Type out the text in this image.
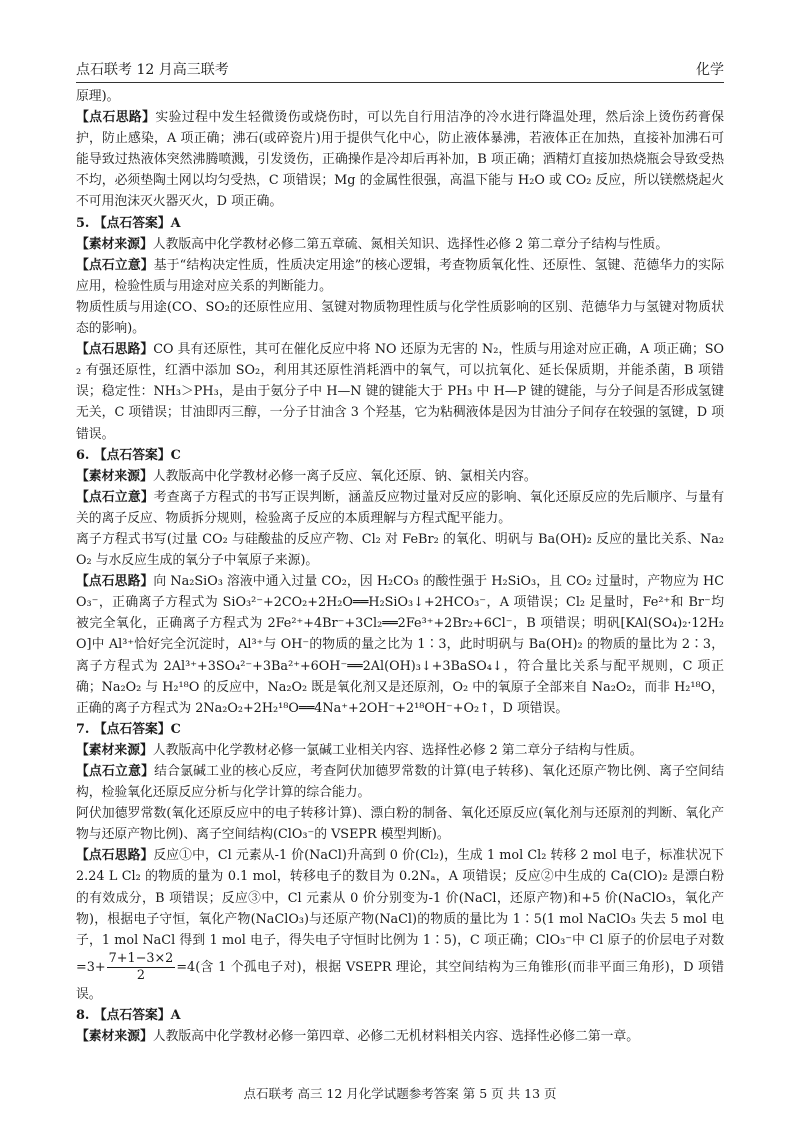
点石联考 12 月高三联考	化学

原理)。

【点石思路】实验过程中发生轻微烫伤或烧伤时，可以先自行用洁净的冷水进行降温处理，然后涂上烫伤药膏保护，防止感染，A 项正确；沸石(或碎瓷片)用于提供气化中心，防止液体暴沸，若液体正在加热，直接补加沸石可能导致过热液体突然沸腾喷溅，引发烫伤，正确操作是冷却后再补加，B 项正确；酒精灯直接加热烧瓶会导致受热不均，必须垫陶土网以均匀受热，C 项错误；Mg 的金属性很强，高温下能与 H₂O 或 CO₂ 反应，所以镁燃烧起火不可用泡沫灭火器灭火，D 项正确。

5. 【点石答案】A

【素材来源】人教版高中化学教材必修二第五章硫、氮相关知识、选择性必修 2 第二章分子结构与性质。

【点石立意】基于“结构决定性质，性质决定用途”的核心逻辑，考查物质氧化性、还原性、氢键、范德华力的实际应用，检验性质与用途对应关系的判断能力。

物质性质与用途(CO、SO₂的还原性应用、氢键对物质物理性质与化学性质影响的区别、范德华力与氢键对物质状态的影响)。

【点石思路】CO 具有还原性，其可在催化反应中将 NO 还原为无害的 N₂，性质与用途对应正确，A 项正确；SO₂ 有强还原性，红酒中添加 SO₂，利用其还原性消耗酒中的氧气，可以抗氧化、延长保质期，并能杀菌，B 项错误；稳定性：NH₃＞PH₃，是由于氨分子中 H—N 键的键能大于 PH₃ 中 H—P 键的键能，与分子间是否形成氢键无关，C 项错误；甘油即丙三醇，一分子甘油含 3 个羟基，它为粘稠液体是因为甘油分子间存在较强的氢键，D 项错误。

6. 【点石答案】C

【素材来源】人教版高中化学教材必修一离子反应、氧化还原、钠、氯相关内容。

【点石立意】考查离子方程式的书写正误判断，涵盖反应物过量对反应的影响、氧化还原反应的先后顺序、与量有关的离子反应、物质拆分规则，检验离子反应的本质理解与方程式配平能力。

离子方程式书写(过量 CO₂ 与硅酸盐的反应产物、Cl₂ 对 FeBr₂ 的氧化、明矾与 Ba(OH)₂ 反应的量比关系、Na₂O₂ 与水反应生成的氧分子中氧原子来源)。

【点石思路】向 Na₂SiO₃ 溶液中通入过量 CO₂，因 H₂CO₃ 的酸性强于 H₂SiO₃，且 CO₂ 过量时，产物应为 HCO₃⁻，正确离子方程式为 SiO₃²⁻+2CO₂+2H₂O══H₂SiO₃↓+2HCO₃⁻，A 项错误；Cl₂ 足量时，Fe²⁺和 Br⁻均被完全氧化，正确离子方程式为 2Fe²⁺+4Br⁻+3Cl₂══2Fe³⁺+2Br₂+6Cl⁻，B 项错误；明矾[KAl(SO₄)₂·12H₂O]中 Al³⁺恰好完全沉淀时，Al³⁺与 OH⁻的物质的量之比为 1∶3，此时明矾与 Ba(OH)₂ 的物质的量比为 2∶3，离子方程式为 2Al³⁺+3SO₄²⁻+3Ba²⁺+6OH⁻══2Al(OH)₃↓+3BaSO₄↓，符合量比关系与配平规则，C 项正确；Na₂O₂ 与 H₂¹⁸O 的反应中，Na₂O₂ 既是氧化剂又是还原剂，O₂ 中的氧原子全部来自 Na₂O₂，而非 H₂¹⁸O，正确的离子方程式为 2Na₂O₂+2H₂¹⁸O══4Na⁺+2OH⁻+2¹⁸OH⁻+O₂↑，D 项错误。

7. 【点石答案】C

【素材来源】人教版高中化学教材必修一氯碱工业相关内容、选择性必修 2 第二章分子结构与性质。

【点石立意】结合氯碱工业的核心反应，考查阿伏加德罗常数的计算(电子转移)、氧化还原产物比例、离子空间结构，检验氧化还原反应分析与化学计算的综合能力。

阿伏加德罗常数(氧化还原反应中的电子转移计算)、漂白粉的制备、氧化还原反应(氧化剂与还原剂的判断、氧化产物与还原产物比例)、离子空间结构(ClO₃⁻的 VSEPR 模型判断)。

【点石思路】反应①中，Cl 元素从-1 价(NaCl)升高到 0 价(Cl₂)，生成 1 mol Cl₂ 转移 2 mol 电子，标准状况下 2.24 L Cl₂ 的物质的量为 0.1 mol，转移电子的数目为 0.2Nₐ，A 项错误；反应②中生成的 Ca(ClO)₂ 是漂白粉的有效成分，B 项错误；反应③中，Cl 元素从 0 价分别变为-1 价(NaCl，还原产物)和+5 价(NaClO₃，氧化产物)，根据电子守恒，氧化产物(NaClO₃)与还原产物(NaCl)的物质的量比为 1∶5(1 mol NaClO₃ 失去 5 mol 电子，1 mol NaCl 得到 1 mol 电子，得失电子守恒时比例为 1∶5)，C 项正确；ClO₃⁻中 Cl 原子的价层电子对数$=3+ \frac{7+1-3\times 2}{2} =4$(含 1 个孤电子对)，根据 VSEPR 理论，其空间结构为三角锥形(而非平面三角形)，D 项错误。

8. 【点石答案】A

【素材来源】人教版高中化学教材必修一第四章、必修二无机材料相关内容、选择性必修二第一章。

点石联考 高三 12 月化学试题参考答案 第 5 页 共 13 页
